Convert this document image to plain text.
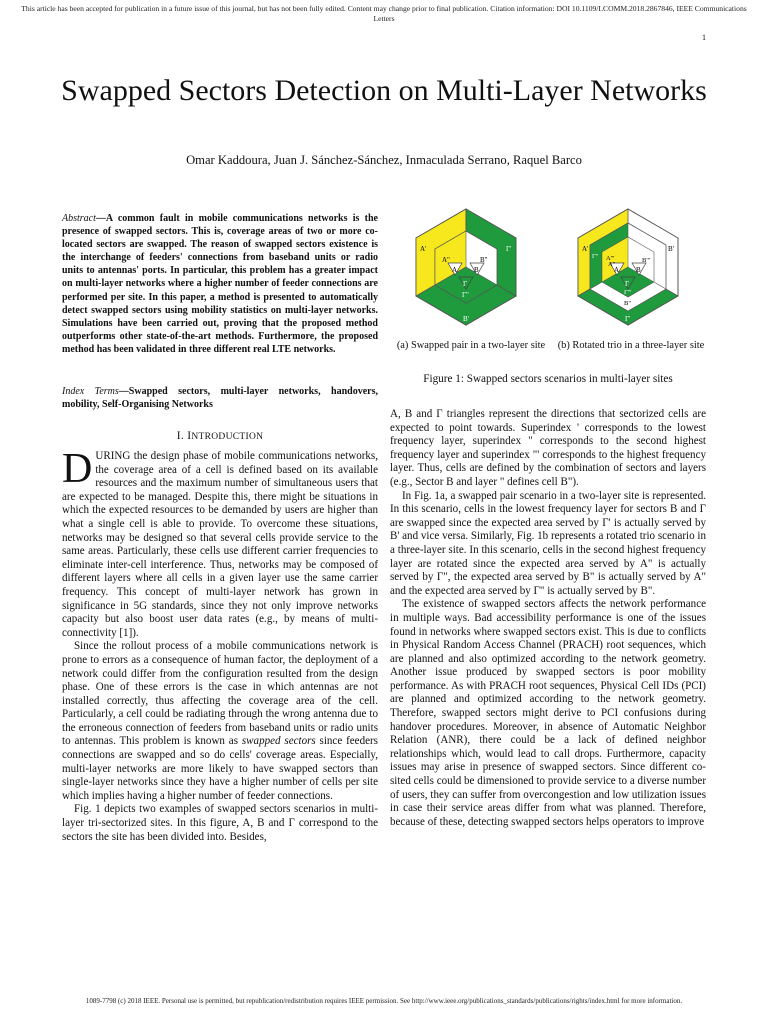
This article has been accepted for publication in a future issue of this journal, but has not been fully edited. Content may change prior to final publication. Citation information: DOI 10.1109/LCOMM.2018.2867846, IEEE Communications Letters
1
Swapped Sectors Detection on Multi-Layer Networks
Omar Kaddoura, Juan J. Sánchez-Sánchez, Inmaculada Serrano, Raquel Barco
Abstract—A common fault in mobile communications networks is the presence of swapped sectors. This is, coverage areas of two or more co-located sectors are swapped. The reason of swapped sectors existence is the interchange of feeders' connections from baseband units or radio units to antennas' ports. In particular, this problem has a greater impact on multi-layer networks where a higher number of feeder connections are performed per site. In this paper, a method is presented to automatically detect swapped sectors using mobility statistics on multi-layer networks. Simulations have been carried out, proving that the proposed method outperforms other state-of-the-art methods. Furthermore, the proposed method has been validated in three different real LTE networks.
Index Terms—Swapped sectors, multi-layer networks, handovers, mobility, Self-Organising Networks
I. INTRODUCTION

DURING the design phase of mobile communications networks, the coverage area of a cell is defined based on its available resources and the maximum number of simultaneous users that are expected to be managed. Despite this, there might be situations in which the expected resources to be demanded by users are higher than what a single cell is able to provide. To overcome these situations, networks may be designed so that several cells provide service to the same areas. Particularly, these cells use different carrier frequencies to eliminate inter-cell interference. Thus, networks may be composed of different layers where all cells in a given layer use the same carrier frequency. This concept of multi-layer network has grown in significance in 5G standards, since they not only improve networks capacity but also boost user data rates (e.g., by means of multi-connectivity [1]).

Since the rollout process of a mobile communications network is prone to errors as a consequence of human factor, the deployment of a network could differ from the configuration resulted from the design phase. One of these errors is the case in which antennas are not installed correctly, thus affecting the coverage area of the cell. Particularly, a cell could be radiating through the wrong antenna due to the erroneous connection of feeders from baseband units or radio units to antennas. This problem is known as swapped sectors since feeders connections are swapped and so do cells' coverage areas. Especially, multi-layer networks are more likely to have swapped sectors than single-layer networks since they have a higher number of cells per site which implies having a higher number of feeder connections.

Fig. 1 depicts two examples of swapped sectors scenarios in multi-layer tri-sectorized sites. In this figure, A, B and Γ correspond to the sectors the site has been divided into. Besides,

A'	Γ'
A"	B"
A B
Γ
Γ"
B'
A'	B'
Γ" A'"
A"
B'"
A B
Γ
Γ'"
B"
Γ'
(a) Swapped pair in a two-layer site	(b) Rotated trio in a three-layer site
Figure 1: Swapped sectors scenarios in multi-layer sites

A, B and Γ triangles represent the directions that sectorized cells are expected to point towards. Superindex ' corresponds to the lowest frequency layer, superindex " corresponds to the second highest frequency layer and superindex "' corresponds to the highest frequency layer. Thus, cells are defined by the combination of sectors and layers (e.g., Sector B and layer " defines cell B").

In Fig. 1a, a swapped pair scenario in a two-layer site is represented. In this scenario, cells in the lowest frequency layer for sectors B and Γ are swapped since the expected area served by Γ' is actually served by B' and vice versa. Similarly, Fig. 1b represents a rotated trio scenario in a three-layer site. In this scenario, cells in the second highest frequency layer are rotated since the expected area served by A" is actually served by Γ", the expected area served by B" is actually served by A" and the expected area served by Γ" is actually served by B".

The existence of swapped sectors affects the network performance in multiple ways. Bad accessibility performance is one of the issues found in networks where swapped sectors exist. This is due to conflicts in Physical Random Access Channel (PRACH) root sequences, which are planned and also optimized according to the network geometry. Another issue produced by swapped sectors is poor mobility performance. As with PRACH root sequences, Physical Cell IDs (PCI) are planned and optimized according to the network geometry. Therefore, swapped sectors might derive to PCI confusions during handover procedures. Moreover, in absence of Automatic Neighbor Relation (ANR), there could be a lack of defined neighbor relationships which, would lead to call drops. Furthermore, capacity issues may arise in presence of swapped sectors. Since different co-sited cells could be dimensioned to provide service to a diverse number of users, they can suffer from overcongestion and low utilization issues in case their service areas differ from what was planned. Therefore, because of these, detecting swapped sectors helps operators to improve

1089-7798 (c) 2018 IEEE. Personal use is permitted, but republication/redistribution requires IEEE permission. See http://www.ieee.org/publications_standards/publications/rights/index.html for more information.
